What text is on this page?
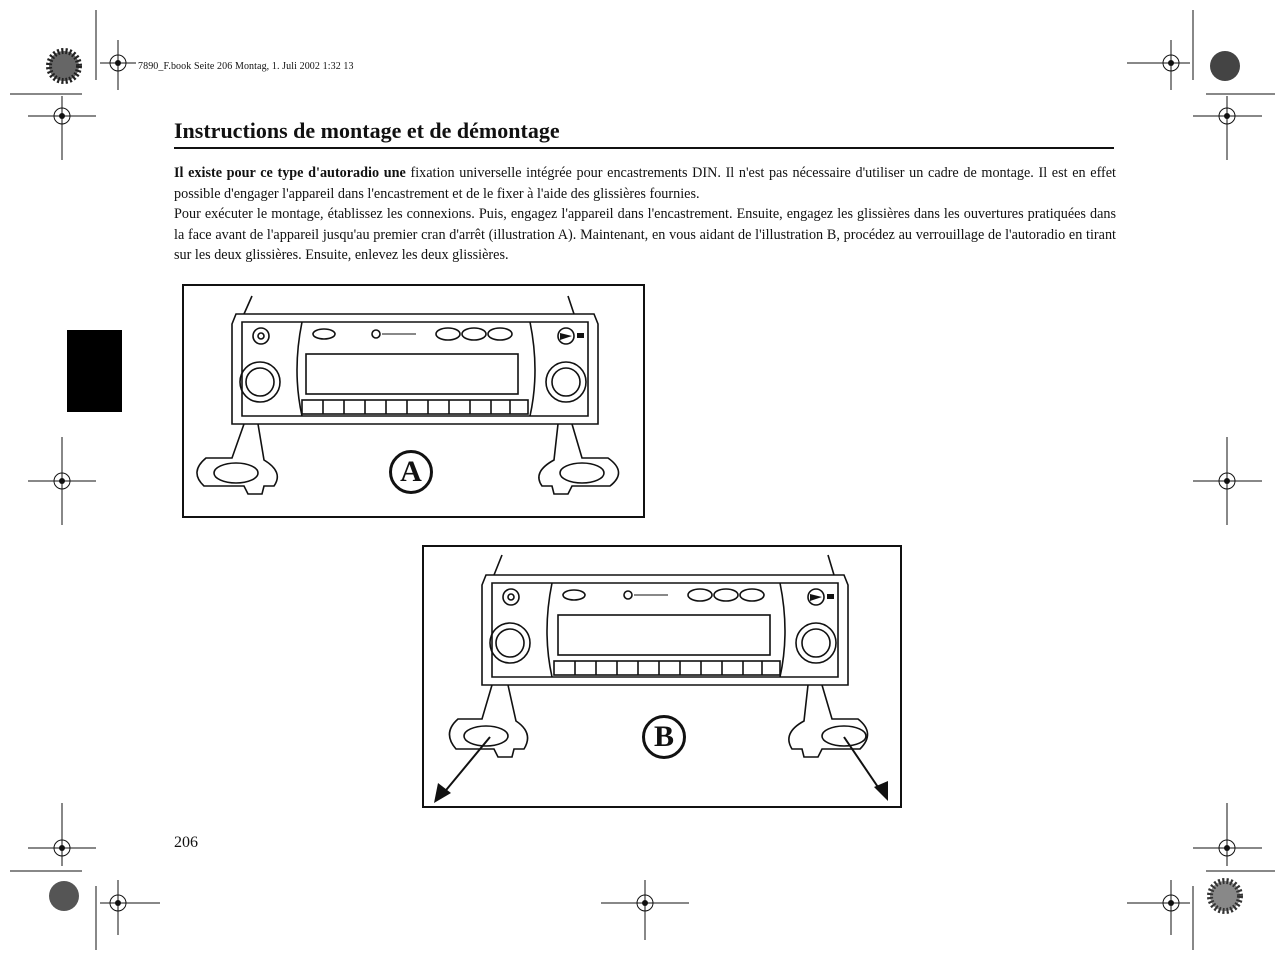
7890_F.book Seite 206 Montag, 1. Juli 2002 1:32 13
Instructions de montage et de démontage

Il existe pour ce type d'autoradio une fixation universelle intégrée pour encastrements DIN. Il n'est pas nécessaire d'utiliser un cadre de montage. Il est en effet possible d'engager l'appareil dans l'encastrement et de le fixer à l'aide des glissières fournies.

Pour exécuter le montage, établissez les connexions. Puis, engagez l'appareil dans l'encastrement. Ensuite, engagez les glissières dans les ouvertures pratiquées dans la face avant de l'appareil jusqu'au premier cran d'arrêt (illustration A). Maintenant, en vous aidant de l'illustration B, procédez au verrouillage de l'autoradio en tirant sur les deux glissières. Ensuite, enlevez les deux glissières.

A
B
206
